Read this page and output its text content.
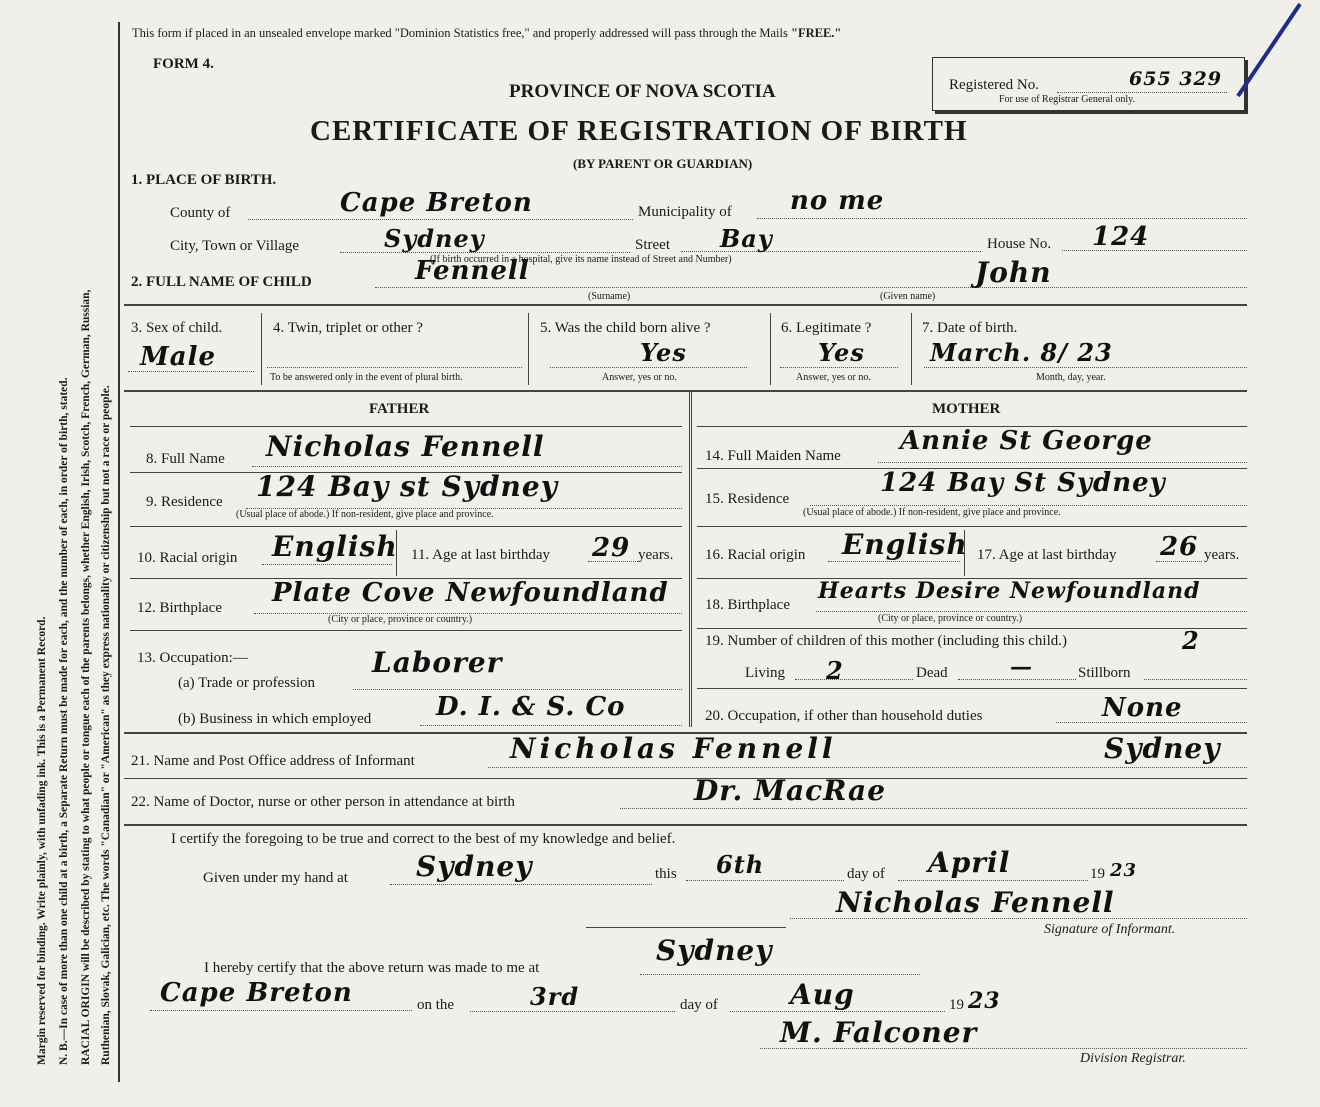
Margin reserved for binding. Write plainly, with unfading ink. This is a Permanent Record. N. B.—In case of more than one child at a birth, a Separate Return must be made for each, and the number of each, in order of birth, stated. RACIAL ORIGIN will be described by stating to what people or tongue each of the parents belongs, whether English, Irish, Scotch, French, German, Russian, Ruthenian, Slovak, Galician, etc. The words "Canadian" or "American" as they express nationality or citizenship but not a race or people.
This form if placed in an unsealed envelope marked "Dominion Statistics free," and properly addressed will pass through the Mails "FREE."
FORM 4.
PROVINCE OF NOVA SCOTIA
CERTIFICATE OF REGISTRATION OF BIRTH
(BY PARENT OR GUARDIAN)
Registered No.	655 329
For use of Registrar General only.
1. PLACE OF BIRTH.
County of	Cape Breton	Municipality of no me
City, Town or Village	Sydney	Street Bay	House No. 124
(If birth occurred in a hospital, give its name instead of Street and Number)
2. FULL NAME OF CHILD	Fennell
(Surname)
John
(Given name)
3. Sex of child.
Male
4. Twin, triplet or other ?
To be answered only in the event of plural birth.
5. Was the child born alive ?
Yes
Answer, yes or no.
6. Legitimate ?
Yes
Answer, yes or no.
7. Date of birth.
March. 8/ 23
Month, day, year.
FATHER
8. Full Name Nicholas Fennell
9. Residence 124 Bay st Sydney
(Usual place of abode.) If non-resident, give place and province.
10. Racial origin English 11. Age at last birthday 29 years.
12. Birthplace Plate Cove Newfoundland
(City or place, province or country.)
13. Occupation:—
(a) Trade or profession
Laborer
(b) Business in which employed D. I. & S. Co
MOTHER
14. Full Maiden Name Annie St George
15. Residence
124 Bay St Sydney
(Usual place of abode.) If non-resident, give place and province.
16. Racial origin English 17. Age at last birthday 26 years.
18. Birthplace
Hearts Desire Newfoundland
(City or place, province or country.)
19. Number of children of this mother (including this child.)	2
Living 2	Dead	—	Stillborn
20. Occupation, if other than household duties	None
21. Name and Post Office address of Informant	Nicholas Fennell	Sydney
22. Name of Doctor, nurse or other person in attendance at birth	Dr. MacRae
I certify the foregoing to be true and correct to the best of my knowledge and belief.
Given under my hand at Sydney	this 6th	day of April	19 23
Nicholas Fennell
Signature of Informant.
I hereby certify that the above return was made to me at
Sydney
Cape Breton	on the	3rd	day of	Aug	19 23
M. Falconer
Division Registrar.
